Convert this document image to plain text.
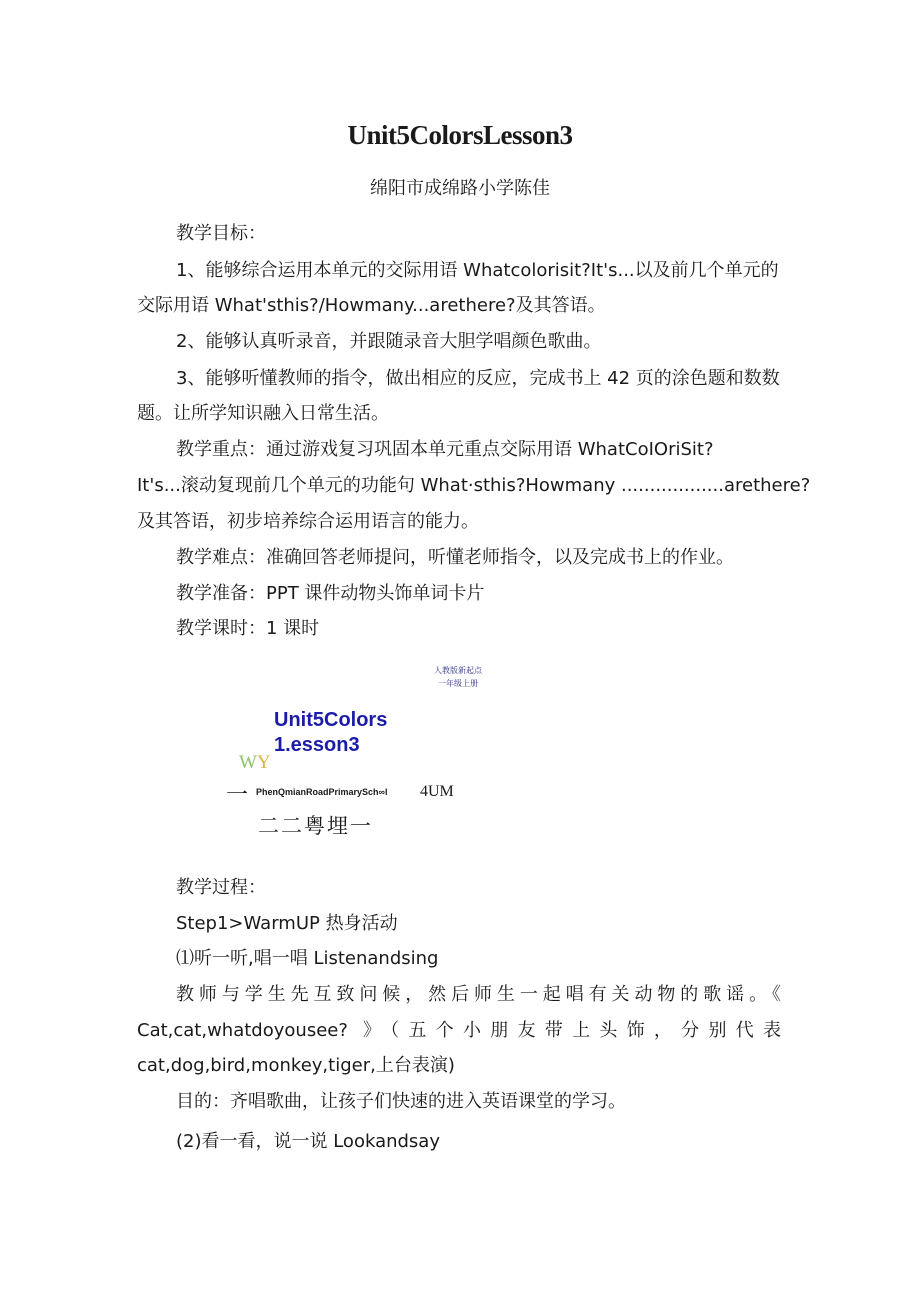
Unit5ColorsLesson3
绵阳市成绵路小学陈佳
教学目标：
1、能够综合运用本单元的交际用语 Whatcolorisit?It's...以及前几个单元的
交际用语 What'sthis?/Howmany...arethere?及其答语。
2、能够认真听录音，并跟随录音大胆学唱颜色歌曲。
3、能够听懂教师的指令，做出相应的反应，完成书上 42 页的涂色题和数数
题。让所学知识融入日常生活。
教学重点：通过游戏复习巩固本单元重点交际用语 WhatCoIOriSit?
It's...滚动复现前几个单元的功能句 What·sthis?Howmany ..................arethere?
及其答语，初步培养综合运用语言的能力。
教学难点：准确回答老师提问，听懂老师指令，以及完成书上的作业。
教学准备：PPT 课件动物头饰单词卡片
教学课时：1 课时
人教版新起点
一年级上册
Unit5Colors
1.esson3
WY
一 PhenQmianRoadPrimarySch∞l 4UM
二二粤埋一
教学过程：
Step1>WarmUP 热身活动
⑴听一听,唱一唱 Listenandsing
教师与学生先互致问候，然后师生一起唱有关动物的歌谣。《
Cat,cat,whatdoyousee? 》（五个小朋友带上头饰，分别代表
cat,dog,bird,monkey,tiger,上台表演)
目的：齐唱歌曲，让孩子们快速的进入英语课堂的学习。
(2)看一看，说一说 Lookandsay
